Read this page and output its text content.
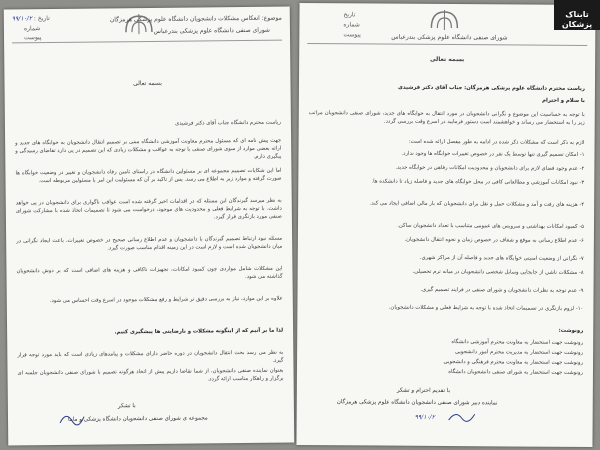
تاریخ : ۹۹/۱۰/۲
شماره
پیوست
موضوع: انعکاس مشکلات دانشجویان دانشگاه علوم پزشکی هرمزگان
شورای صنفی دانشگاه علوم پزشکی بندرعباس
بسمه تعالی
ریاست محترم دانشگاه جناب آقای دکتر فرشیدی
جهت پیش نامه ای که مسئول محترم معاونت آموزشی دانشگاه مبنی بر تصمیم انتقال دانشجویان به خوابگاه های جدید و ارائه بعضی موارد از سوی شورای صنفی با توجه به عواقب و مشکلات زیادی که این تصمیم در پی دارد تقاضای رسیدگی و پیگیری دارم.
اما این شکایات تصمیم مجموعه ای بر مسئولین دانشگاه در راستای تامین رفاه دانشجویان و تغییر در وضعیت خوابگاه ها صورت گرفته و موارد زیر به اطلاع می رسد. پس از تاکید بر آن که مسئولیت این امر با مسئولین مربوطه است.
به نظر میرسد گیرندگان این مسئله که در اقدامات اخیر گرفته شده است عواقب ناگواری برای دانشجویان در پی خواهد داشت. با توجه به شرایط فعلی و محدودیت های موجود، درخواست می شود تا تصمیمات اتخاذ شده با مشارکت شورای صنفی مورد بازنگری قرار گیرد.
مسئله نبود ارتباط تصمیم گیرندگان با دانشجویان و عدم اطلاع رسانی صحیح در خصوص تغییرات، باعث ایجاد نگرانی در میان دانشجویان شده است و لازم است در این زمینه اقدام مناسب صورت گیرد.
این مشکلات شامل مواردی چون کمبود امکانات، تجهیزات ناکافی و هزینه های اضافی است که بر دوش دانشجویان گذاشته می شود.
علاوه بر این موارد، نیاز به بررسی دقیق تر شرایط و رفع مشکلات موجود در اسرع وقت احساس می شود.
لذا ما بر آنیم که از اینگونه مشکلات و نارضایتی ها پیشگیری کنیم.
به نظر می رسد بحث انتقال دانشجویان در دوره حاضر دارای مشکلات و پیامدهای زیادی است که باید مورد توجه قرار گیرد.
بعنوان نماینده صنفی دانشجویان، از شما تقاضا داریم پیش از اتخاذ هرگونه تصمیم با شورای صنفی دانشجویان جلسه ای برگزار و راهکار مناسب ارائه گردد.
با تشکر
مجموعه ی شورای صنفی دانشجویان دانشگاه پزشکی و ماما
تاریخ
شماره
پیوست	شورای صنفی دانشگاه علوم پزشکی بندرعباس
بسمه تعالی
ریاست محترم دانشگاه علوم پزشکی هرمزگان: جناب آقای دکتر فرشیدی
با سلام و احترام
با توجه به حساسیت این موضوع و نگرانی دانشجویان در مورد انتقال به خوابگاه های جدید، شورای صنفی دانشجویان مراتب زیر را به استحضار می رساند و خواهشمند است دستور فرمایید در اسرع وقت بررسی گردد.
لازم به ذکر است که مشکلات ذکر شده در ادامه به طور مفصل ارائه شده است:
۱- امکان تصمیم گیری تنها توسط یک نفر در خصوص تغییرات خوابگاه ها وجود ندارد.
۲- عدم وجود فضای لازم برای دانشجویان و محدودیت امکانات رفاهی در خوابگاه جدید.
۳- نبود امکانات آموزشی و مطالعاتی کافی در محل خوابگاه های جدید و فاصله زیاد تا دانشکده ها.
۴- هزینه های رفت و آمد و مشکلات حمل و نقل برای دانشجویان که بار مالی اضافی ایجاد می کند.
۵- کمبود امکانات بهداشتی و سرویس های عمومی متناسب با تعداد دانشجویان ساکن.
۶- عدم اطلاع رسانی به موقع و شفاف در خصوص زمان و نحوه انتقال دانشجویان.
۷- نگرانی از وضعیت امنیتی خوابگاه های جدید و فاصله آن از مراکز شهری.
۸- مشکلات ناشی از جابجایی وسایل شخصی دانشجویان در میانه ترم تحصیلی.
۹- عدم توجه به نظرات دانشجویان و شورای صنفی در فرایند تصمیم گیری.
۱۰- لزوم بازنگری در تصمیمات اتخاذ شده با توجه به شرایط فعلی و مشکلات دانشجویان.
رونوشت:
رونوشت جهت استحضار به معاونت محترم آموزشی دانشگاه
رونوشت جهت استحضار به مدیریت محترم امور دانشجویی
رونوشت جهت استحضار به معاونت محترم فرهنگی و دانشجویی
رونوشت جهت استحضار به شورای صنفی دانشجویان دانشگاه
با تقدیم احترام و تشکر
نماینده دبیر شورای صنفی دانشجویان دانشگاه علوم پزشکی هرمزگان
۹۹/۱۰/۲
تابناک پزشکان
